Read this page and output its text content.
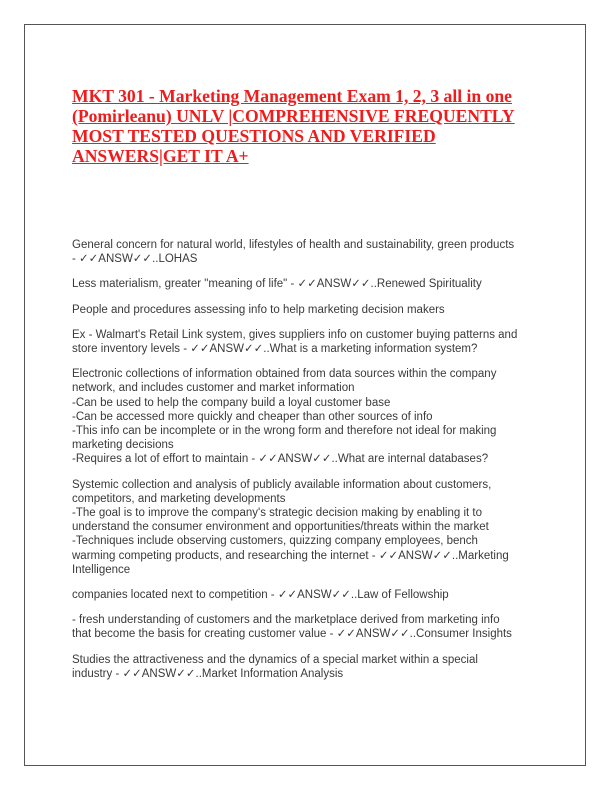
MKT 301 - Marketing Management Exam 1, 2, 3 all in one (Pomirleanu) UNLV |COMPREHENSIVE FREQUENTLY MOST TESTED QUESTIONS AND VERIFIED ANSWERS|GET IT A+

General concern for natural world, lifestyles of health and sustainability, green products
- ✓✓ANSW✓✓..LOHAS

Less materialism, greater "meaning of life" - ✓✓ANSW✓✓..Renewed Spirituality

People and procedures assessing info to help marketing decision makers

Ex - Walmart's Retail Link system, gives suppliers info on customer buying patterns and
store inventory levels - ✓✓ANSW✓✓..What is a marketing information system?

Electronic collections of information obtained from data sources within the company
network, and includes customer and market information
-Can be used to help the company build a loyal customer base
-Can be accessed more quickly and cheaper than other sources of info
-This info can be incomplete or in the wrong form and therefore not ideal for making
marketing decisions
-Requires a lot of effort to maintain - ✓✓ANSW✓✓..What are internal databases?

Systemic collection and analysis of publicly available information about customers,
competitors, and marketing developments
-The goal is to improve the company's strategic decision making by enabling it to
understand the consumer environment and opportunities/threats within the market
-Techniques include observing customers, quizzing company employees, bench
warming competing products, and researching the internet - ✓✓ANSW✓✓..Marketing
Intelligence

companies located next to competition - ✓✓ANSW✓✓..Law of Fellowship

- fresh understanding of customers and the marketplace derived from marketing info
that become the basis for creating customer value - ✓✓ANSW✓✓..Consumer Insights

Studies the attractiveness and the dynamics of a special market within a special
industry - ✓✓ANSW✓✓..Market Information Analysis
